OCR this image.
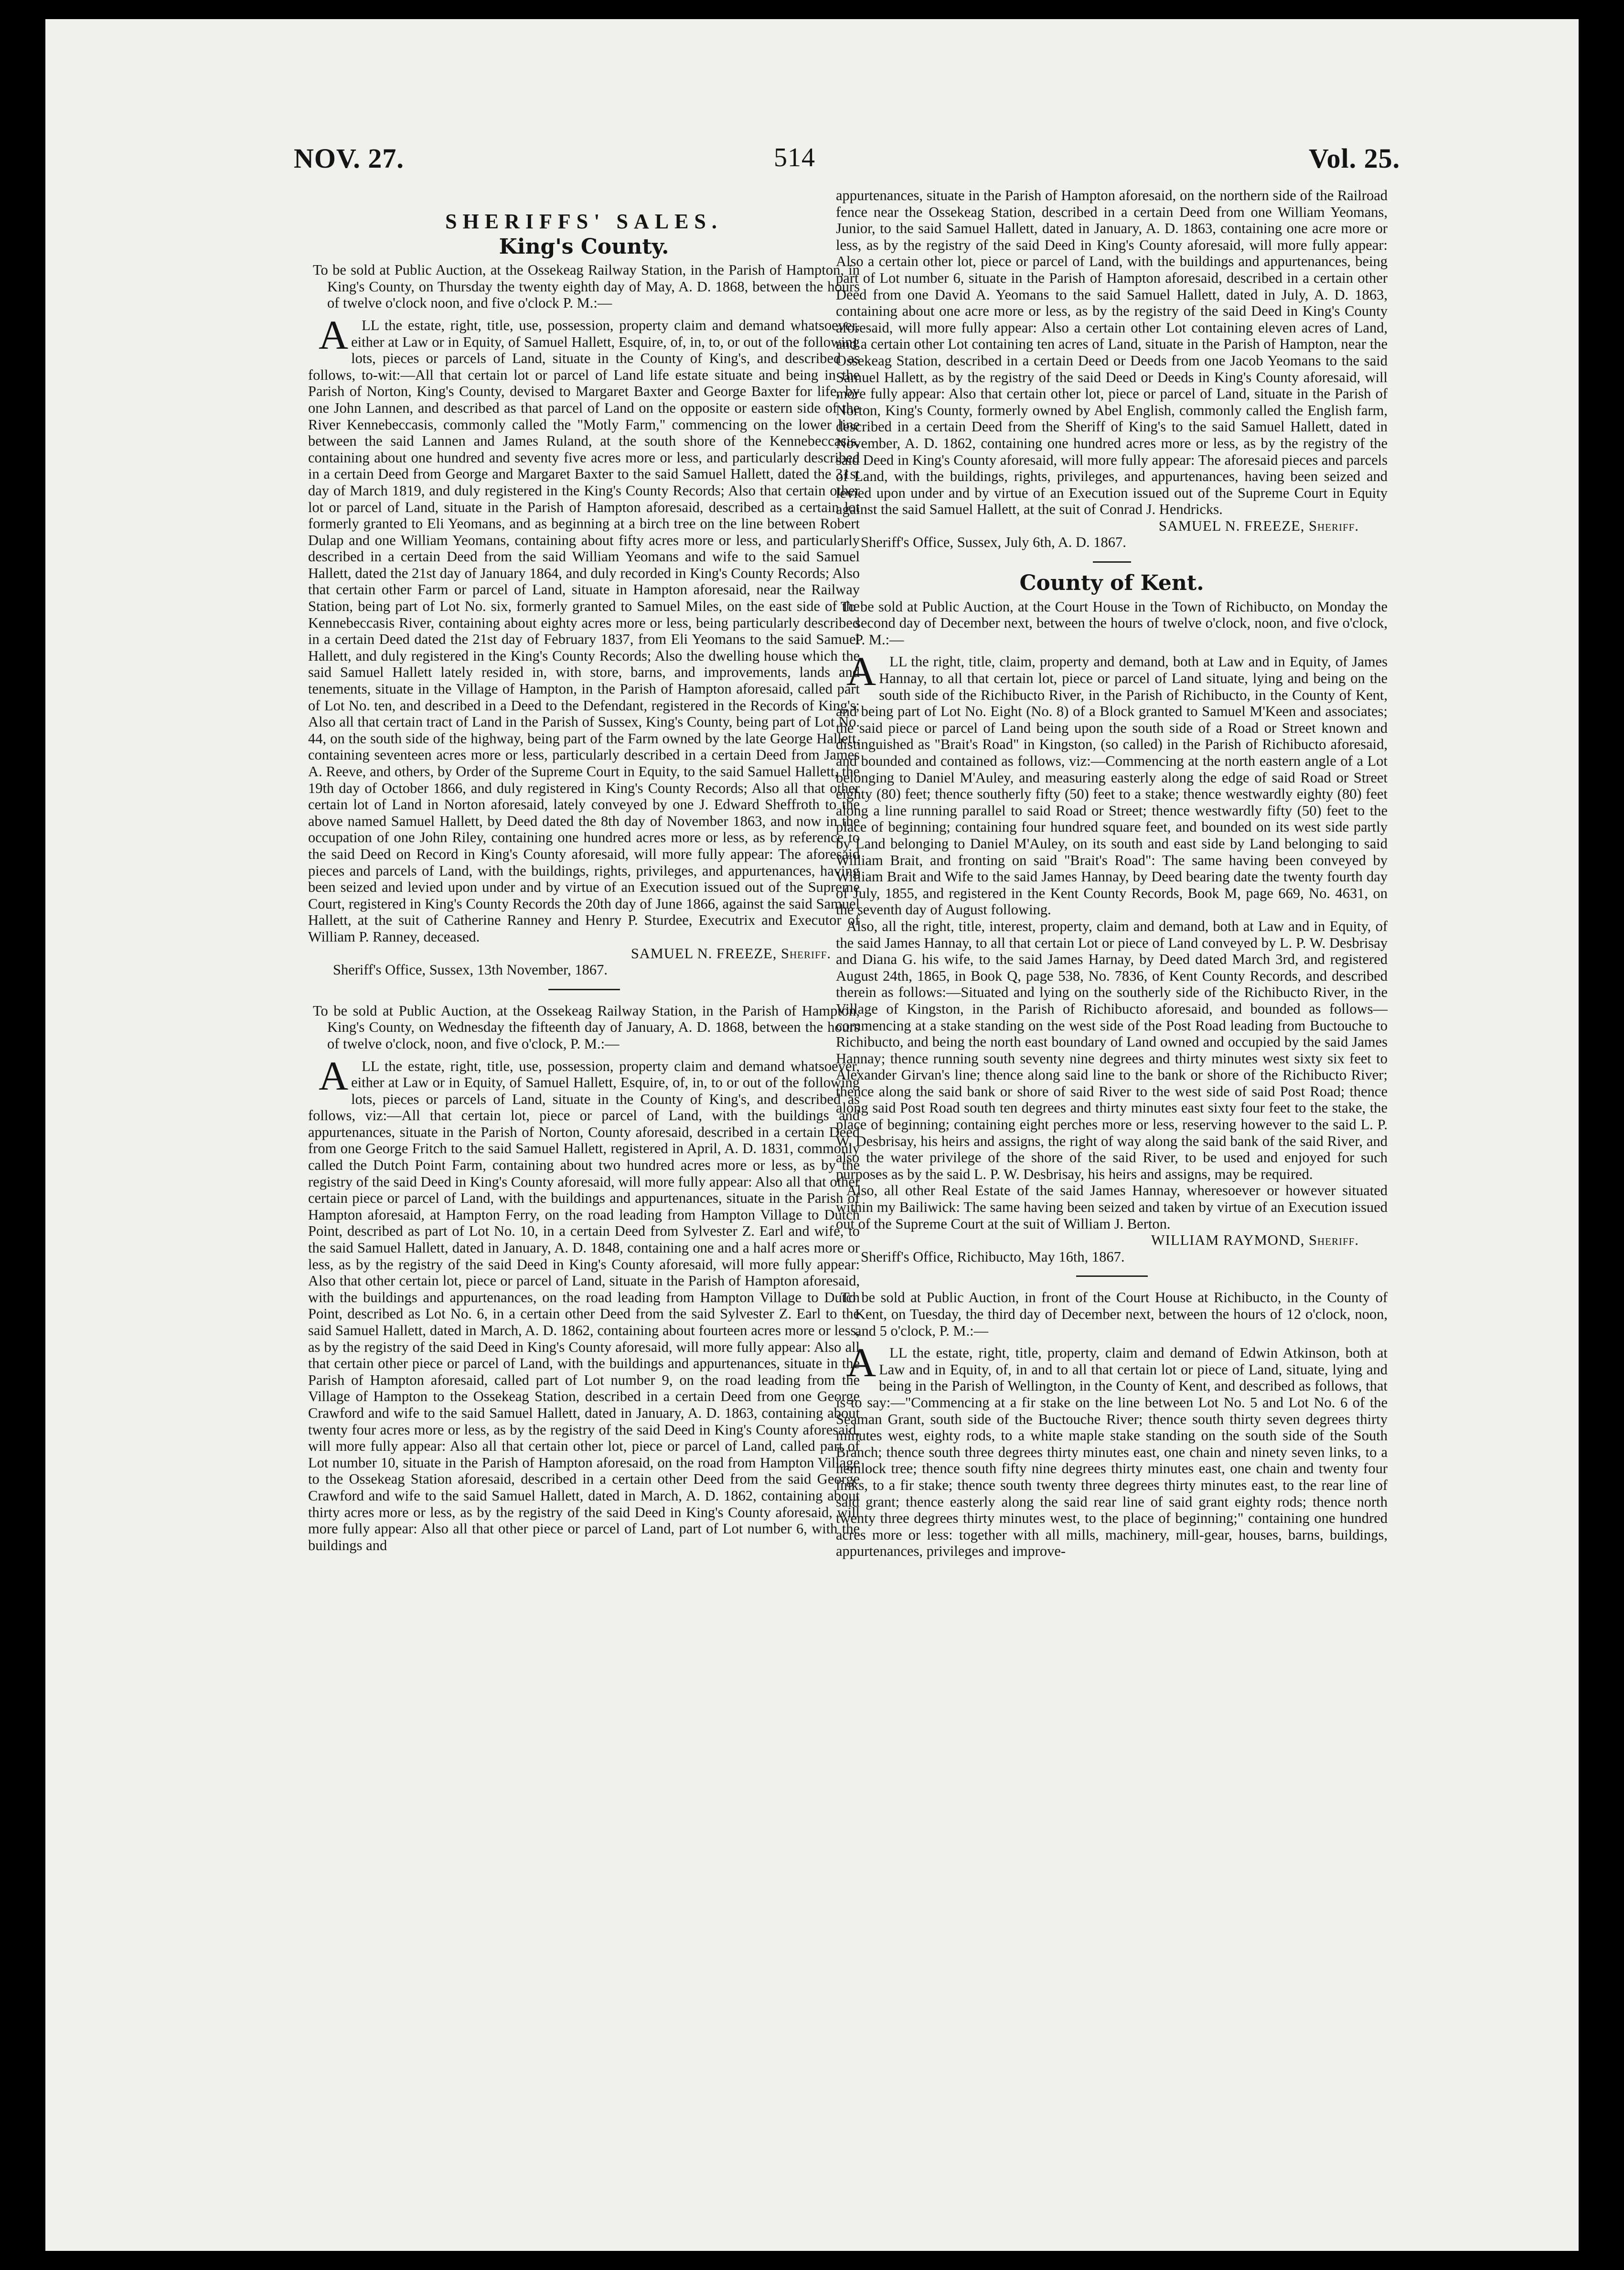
NOV. 27.	514	Vol. 25.
SHERIFFS' SALES.
King's County.

To be sold at Public Auction, at the Ossekeag Railway Station, in the Parish of Hampton, in King's County, on Thursday the twenty eighth day of May, A. D. 1868, between the hours of twelve o'clock noon, and five o'clock P. M.:—

ALL the estate, right, title, use, possession, property claim and demand whatsoever, either at Law or in Equity, of Samuel Hallett, Esquire, of, in, to, or out of the following lots, pieces or parcels of Land, situate in the County of King's, and described as follows, to-wit:—All that certain lot or parcel of Land life estate situate and being in the Parish of Norton, King's County, devised to Margaret Baxter and George Baxter for life, by one John Lannen, and described as that parcel of Land on the opposite or eastern side of the River Kennebeccasis, commonly called the "Motly Farm," commencing on the lower line between the said Lannen and James Ruland, at the south shore of the Kennebeccasis, containing about one hundred and seventy five acres more or less, and particularly described in a certain Deed from George and Margaret Baxter to the said Samuel Hallett, dated the 31st day of March 1819, and duly registered in the King's County Records; Also that certain other lot or parcel of Land, situate in the Parish of Hampton aforesaid, described as a certain lot formerly granted to Eli Yeomans, and as beginning at a birch tree on the line between Robert Dulap and one William Yeomans, containing about fifty acres more or less, and particularly described in a certain Deed from the said William Yeomans and wife to the said Samuel Hallett, dated the 21st day of January 1864, and duly recorded in King's County Records; Also that certain other Farm or parcel of Land, situate in Hampton aforesaid, near the Railway Station, being part of Lot No. six, formerly granted to Samuel Miles, on the east side of the Kennebeccasis River, containing about eighty acres more or less, being particularly described in a certain Deed dated the 21st day of February 1837, from Eli Yeomans to the said Samuel Hallett, and duly registered in the King's County Records; Also the dwelling house which the said Samuel Hallett lately resided in, with store, barns, and improvements, lands and tenements, situate in the Village of Hampton, in the Parish of Hampton aforesaid, called part of Lot No. ten, and described in a Deed to the Defendant, registered in the Records of King's; Also all that certain tract of Land in the Parish of Sussex, King's County, being part of Lot No. 44, on the south side of the highway, being part of the Farm owned by the late George Hallett, containing seventeen acres more or less, particularly described in a certain Deed from James A. Reeve, and others, by Order of the Supreme Court in Equity, to the said Samuel Hallett, the 19th day of October 1866, and duly registered in King's County Records; Also all that other certain lot of Land in Norton aforesaid, lately conveyed by one J. Edward Sheffroth to the above named Samuel Hallett, by Deed dated the 8th day of November 1863, and now in the occupation of one John Riley, containing one hundred acres more or less, as by reference to the said Deed on Record in King's County aforesaid, will more fully appear: The aforesaid pieces and parcels of Land, with the buildings, rights, privileges, and appurtenances, having been seized and levied upon under and by virtue of an Execution issued out of the Supreme Court, registered in King's County Records the 20th day of June 1866, against the said Samuel Hallett, at the suit of Catherine Ranney and Henry P. Sturdee, Executrix and Executor of William P. Ranney, deceased.

SAMUEL N. FREEZE, Sheriff.

Sheriff's Office, Sussex, 13th November, 1867.

To be sold at Public Auction, at the Ossekeag Railway Station, in the Parish of Hampton, King's County, on Wednesday the fifteenth day of January, A. D. 1868, between the hours of twelve o'clock, noon, and five o'clock, P. M.:—

ALL the estate, right, title, use, possession, property claim and demand whatsoever, either at Law or in Equity, of Samuel Hallett, Esquire, of, in, to or out of the following lots, pieces or parcels of Land, situate in the County of King's, and described as follows, viz:—All that certain lot, piece or parcel of Land, with the buildings and appurtenances, situate in the Parish of Norton, County aforesaid, described in a certain Deed from one George Fritch to the said Samuel Hallett, registered in April, A. D. 1831, commonly called the Dutch Point Farm, containing about two hundred acres more or less, as by the registry of the said Deed in King's County aforesaid, will more fully appear: Also all that other certain piece or parcel of Land, with the buildings and appurtenances, situate in the Parish of Hampton aforesaid, at Hampton Ferry, on the road leading from Hampton Village to Dutch Point, described as part of Lot No. 10, in a certain Deed from Sylvester Z. Earl and wife, to the said Samuel Hallett, dated in January, A. D. 1848, containing one and a half acres more or less, as by the registry of the said Deed in King's County aforesaid, will more fully appear: Also that other certain lot, piece or parcel of Land, situate in the Parish of Hampton aforesaid, with the buildings and appurtenances, on the road leading from Hampton Village to Dutch Point, described as Lot No. 6, in a certain other Deed from the said Sylvester Z. Earl to the said Samuel Hallett, dated in March, A. D. 1862, containing about fourteen acres more or less, as by the registry of the said Deed in King's County aforesaid, will more fully appear: Also all that certain other piece or parcel of Land, with the buildings and appurtenances, situate in the Parish of Hampton aforesaid, called part of Lot number 9, on the road leading from the Village of Hampton to the Ossekeag Station, described in a certain Deed from one George Crawford and wife to the said Samuel Hallett, dated in January, A. D. 1863, containing about twenty four acres more or less, as by the registry of the said Deed in King's County aforesaid, will more fully appear: Also all that certain other lot, piece or parcel of Land, called part of Lot number 10, situate in the Parish of Hampton aforesaid, on the road from Hampton Village to the Ossekeag Station aforesaid, described in a certain other Deed from the said George Crawford and wife to the said Samuel Hallett, dated in March, A. D. 1862, containing about thirty acres more or less, as by the registry of the said Deed in King's County aforesaid, will more fully appear: Also all that other piece or parcel of Land, part of Lot number 6, with the buildings and

appurtenances, situate in the Parish of Hampton aforesaid, on the northern side of the Railroad fence near the Ossekeag Station, described in a certain Deed from one William Yeomans, Junior, to the said Samuel Hallett, dated in January, A. D. 1863, containing one acre more or less, as by the registry of the said Deed in King's County aforesaid, will more fully appear: Also a certain other lot, piece or parcel of Land, with the buildings and appurtenances, being part of Lot number 6, situate in the Parish of Hampton aforesaid, described in a certain other Deed from one David A. Yeomans to the said Samuel Hallett, dated in July, A. D. 1863, containing about one acre more or less, as by the registry of the said Deed in King's County aforesaid, will more fully appear: Also a certain other Lot containing eleven acres of Land, and a certain other Lot containing ten acres of Land, situate in the Parish of Hampton, near the Ossekeag Station, described in a certain Deed or Deeds from one Jacob Yeomans to the said Samuel Hallett, as by the registry of the said Deed or Deeds in King's County aforesaid, will more fully appear: Also that certain other lot, piece or parcel of Land, situate in the Parish of Norton, King's County, formerly owned by Abel English, commonly called the English farm, described in a certain Deed from the Sheriff of King's to the said Samuel Hallett, dated in November, A. D. 1862, containing one hundred acres more or less, as by the registry of the said Deed in King's County aforesaid, will more fully appear: The aforesaid pieces and parcels of Land, with the buildings, rights, privileges, and appurtenances, having been seized and levied upon under and by virtue of an Execution issued out of the Supreme Court in Equity against the said Samuel Hallett, at the suit of Conrad J. Hendricks.

SAMUEL N. FREEZE, Sheriff.

Sheriff's Office, Sussex, July 6th, A. D. 1867.

County of Kent.

To be sold at Public Auction, at the Court House in the Town of Richibucto, on Monday the second day of December next, between the hours of twelve o'clock, noon, and five o'clock, P. M.:—

ALL the right, title, claim, property and demand, both at Law and in Equity, of James Hannay, to all that certain lot, piece or parcel of Land situate, lying and being on the south side of the Richibucto River, in the Parish of Richibucto, in the County of Kent, and being part of Lot No. Eight (No. 8) of a Block granted to Samuel M'Keen and associates; the said piece or parcel of Land being upon the south side of a Road or Street known and distinguished as "Brait's Road" in Kingston, (so called) in the Parish of Richibucto aforesaid, and bounded and contained as follows, viz:—Commencing at the north eastern angle of a Lot belonging to Daniel M'Auley, and measuring easterly along the edge of said Road or Street eighty (80) feet; thence southerly fifty (50) feet to a stake; thence westwardly eighty (80) feet along a line running parallel to said Road or Street; thence westwardly fifty (50) feet to the place of beginning; containing four hundred square feet, and bounded on its west side partly by Land belonging to Daniel M'Auley, on its south and east side by Land belonging to said William Brait, and fronting on said "Brait's Road": The same having been conveyed by William Brait and Wife to the said James Hannay, by Deed bearing date the twenty fourth day of July, 1855, and registered in the Kent County Records, Book M, page 669, No. 4631, on the seventh day of August following.

Also, all the right, title, interest, property, claim and demand, both at Law and in Equity, of the said James Hannay, to all that certain Lot or piece of Land conveyed by L. P. W. Desbrisay and Diana G. his wife, to the said James Harnay, by Deed dated March 3rd, and registered August 24th, 1865, in Book Q, page 538, No. 7836, of Kent County Records, and described therein as follows:—Situated and lying on the southerly side of the Richibucto River, in the Village of Kingston, in the Parish of Richibucto aforesaid, and bounded as follows—commencing at a stake standing on the west side of the Post Road leading from Buctouche to Richibucto, and being the north east boundary of Land owned and occupied by the said James Hannay; thence running south seventy nine degrees and thirty minutes west sixty six feet to Alexander Girvan's line; thence along said line to the bank or shore of the Richibucto River; thence along the said bank or shore of said River to the west side of said Post Road; thence along said Post Road south ten degrees and thirty minutes east sixty four feet to the stake, the place of beginning; containing eight perches more or less, reserving however to the said L. P. W. Desbrisay, his heirs and assigns, the right of way along the said bank of the said River, and also the water privilege of the shore of the said River, to be used and enjoyed for such purposes as by the said L. P. W. Desbrisay, his heirs and assigns, may be required.

Also, all other Real Estate of the said James Hannay, wheresoever or however situated within my Bailiwick: The same having been seized and taken by virtue of an Execution issued out of the Supreme Court at the suit of William J. Berton.

WILLIAM RAYMOND, Sheriff.

Sheriff's Office, Richibucto, May 16th, 1867.

To be sold at Public Auction, in front of the Court House at Richibucto, in the County of Kent, on Tuesday, the third day of December next, between the hours of 12 o'clock, noon, and 5 o'clock, P. M.:—

ALL the estate, right, title, property, claim and demand of Edwin Atkinson, both at Law and in Equity, of, in and to all that certain lot or piece of Land, situate, lying and being in the Parish of Wellington, in the County of Kent, and described as follows, that is to say:—"Commencing at a fir stake on the line between Lot No. 5 and Lot No. 6 of the Seaman Grant, south side of the Buctouche River; thence south thirty seven degrees thirty minutes west, eighty rods, to a white maple stake standing on the south side of the South Branch; thence south three degrees thirty minutes east, one chain and ninety seven links, to a hemlock tree; thence south fifty nine degrees thirty minutes east, one chain and twenty four links, to a fir stake; thence south twenty three degrees thirty minutes east, to the rear line of said grant; thence easterly along the said rear line of said grant eighty rods; thence north twenty three degrees thirty minutes west, to the place of beginning;" containing one hundred acres more or less: together with all mills, machinery, mill-gear, houses, barns, buildings, appurtenances, privileges and improve-
